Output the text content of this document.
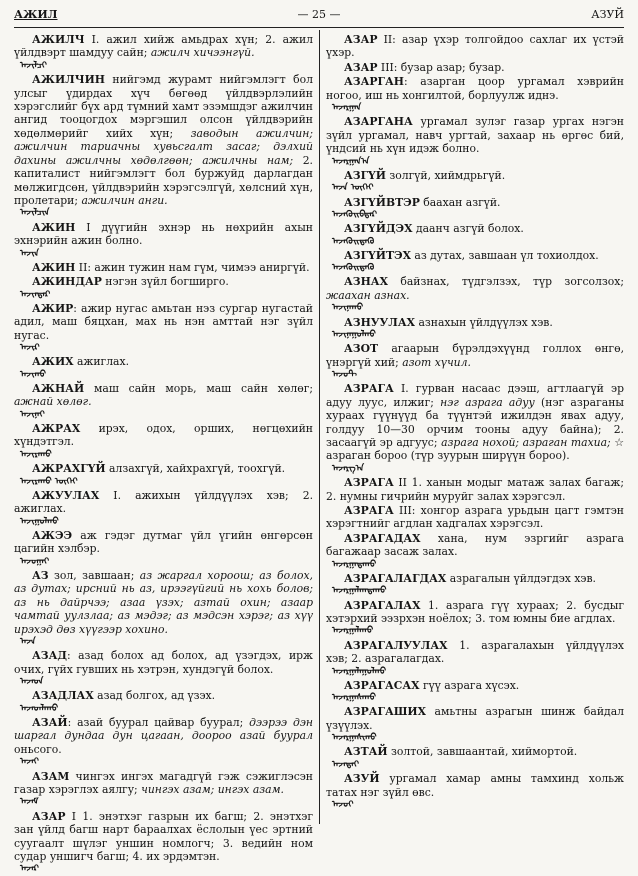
АЖИЛ	— 25 —	АЗУЙ

АЖИЛЧ I. ажил хийж амьдрах хүн; 2. ажил үйлдвэрт шамдуу сайн; ажилч хичээнгүй.

ᠠᠵᠢᠯᠴᠢ

АЖИЛЧИН нийгэмд журамт нийгэмлэгт бол улсыг үдирдах хүч бөгөөд үйлдвэрлэлийн хэрэгслийг бүх ард түмний хамт эзэмшдэг ажилчин ангид тооцогдох мэргэшил олсон үйлдвэрийн хөдөлмөрийг хийх хүн; заводын ажилчин; ажилчин тариачны хувьсгалт засаг; дэлхий дахины ажилчны хөдөлгөөн; ажилчны нам; 2. капиталист нийгэмлэгт бол буржуйд дарлагдан мөлжигдсөн, үйлдвэрийн хэрэгсэлгүй, хөлсний хүн, пролетари; ажилчин анги.

ᠠᠵᠢᠯᠴᠢᠨ

АЖИН I дүүгийн эхнэр нь нөхрийн ахын эхнэрийн ажин болно.

ᠠᠵᠢᠨ

АЖИН II: ажин тужин нам гүм, чимээ аниргүй.

АЖИНДАР нэгэн зүйл богширго.

ᠠᠵᠢᠨᠳᠠᠷ

АЖИР: ажир нугас амьтан нэз сургар нугастай адил, маш бяцхан, мах нь нэн амттай нэг зүйл нугас.

ᠠᠵᠢᠷ

АЖИХ ажиглах.

ᠠᠵᠢᠬᠤ

АЖНАЙ маш сайн морь, маш сайн хөлөг; ажнай хөлөг.

ᠠᠵᠢᠨᠠᠢ

АЖРАХ ирэх, одох, орших, нөгцөхийн хүндэтгэл.

ᠠᠵᠢᠷᠠᠬᠤ

АЖРАХГҮЙ алзахгүй, хайхрахгүй, тоохгүй.

ᠠᠵᠢᠷᠠᠬᠤ ᠦᠭᠡᠢ

АЖУУЛАХ I. ажихын үйлдүүлэх хэв; 2. ажиглах.

ᠠᠵᠢᠭᠤᠯᠬᠤ

АЖЭЭ аж гэдэг дутмаг үйл үгийн өнгөрсөн цагийн хэлбэр.

ᠠᠵᠤᠭᠠᠢ

АЗ зол, завшаан; аз жаргал хороош; аз болох, аз дутах; ирсний нь аз, ирээгүйгий нь хохь болов; аз нь дайрчээ; азаа үзэх; азтай охин; азаар чамтай уулзлаа; аз мэдэг; аз мэдсэн хэрэг; аз хүү ирэхэд дөз хүүгээр хохино.

ᠠᠵᠠ

АЗАД: азад болох ад болох, ад үзэгдэх, ирж очих, гүйх гувших нь хэтрэн, хундэгүй болох.

ᠠᠵᠠᠳ

АЗАДЛАХ азад болгох, ад үзэх.

ᠠᠵᠠᠳᠯᠠᠬᠤ

АЗАЙ: азай буурал цайвар буурал; дээрээ дэн шаргал дундаа дун цагаан, доороо азай буурал оньсого.

ᠠᠵᠠᠢ

АЗАМ чингэх ингэх магадгүй гэж сэжиглэсэн газар хэрэглэх аялгу; чингэх азам; ингэх азам.

ᠠᠵᠠᠮ

АЗАР I 1. энэтхэг газрын их багш; 2. энэтхэг зан үйлд багш нарт бараалхах ёслолын үес эртний суугаалт шүлэг уншин номлогч; 3. ведийн ном судар уншигч багш; 4. их эрдэмтэн.

ᠠᠵᠠᠷ

АЗАР II: азар үхэр толгойдоо сахлаг их үстэй үхэр.

АЗАР III: бузар азар; бузар.

АЗАРГАН: азарган цоор ургамал хэврийн ногоо, иш нь хонгилтой, борлуулж иднэ.

ᠠᠵᠠᠷᠭᠠᠨ

АЗАРГАНА ургамал зулэг газар ургах нэгэн зүйл ургамал, навч ургтай, захаар нь өргөс бий, үндсий нь хүн идэж болно.

ᠠᠵᠠᠷᠭᠠᠨ᠎ᠠ

АЗГҮЙ золгүй, хиймдрьгүй.

ᠠᠵᠠ ᠦᠭᠡᠢ

АЗГҮЙВТЭР баахан азгүй.

ᠠᠵᠠᠭᠦᠢᠪᠲᠡᠷ

АЗГҮЙДЭХ даанч азгүй болох.

ᠠᠵᠠᠭᠦᠢᠳᠡᠬᠦ

АЗГҮЙТЭХ аз дутах, завшаан үл тохиолдох.

ᠠᠵᠠᠭᠦᠢᠲᠡᠬᠦ

АЗНАХ байзнах, түдгэлзэх, түр зогсолзох; жаахан азнах.

ᠠᠵᠢᠨᠠᠬᠤ

АЗНУУЛАХ азнахын үйлдүүлэх хэв.

ᠠᠵᠢᠨᠠᠭᠤᠯᠬᠤ

АЗОТ агаарын бүрэлдэхүүнд голлох өнгө, үнэргүй хий; азот хүчил.

ᠠᠵᠣᠲ

АЗРАГА I. гурван насаас дээш, агтлаагүй эр адуу луус, илжиг; нэг азрага адуу (нэг азраганы хураах гүүнүүд ба түүнтэй ижилдэн явах адуу, голдуу 10—30 орчим тооны адуу байна); 2. засаагүй эр адгуус; азрага нохой; азраган тахиа; ☆ азраган бороо (түр зуурын ширүүн бороо).

ᠠᠵᠠᠷᠭ᠎ᠠ

АЗРАГА II 1. ханын модыг матаж залах багаж; 2. нумны гичрийн муруйг залах хэрэгсэл.

АЗРАГА III: хонгор азрага урьдын цагт гэмтэн хэрэгтнийг агдлан хадгалах хэрэгсэл.

АЗРАГАДАХ хана, нум эзргийг азрага багажаар засаж залах.

ᠠᠵᠠᠷᠭᠠᠳᠠᠬᠤ

АЗРАГАЛАГДАХ азрагалын үйлдэгдэх хэв.

ᠠᠵᠠᠷᠭᠠᠯᠠᠭᠳᠠᠬᠤ

АЗРАГАЛАХ 1. азрага гүү хураах; 2. бусдыг хэтэрхий ээзрхэн ноёлох; 3. том юмны бие агдлах.

ᠠᠵᠠᠷᠭᠠᠯᠠᠬᠤ

АЗРАГАЛУУЛАХ 1. азрагалахын үйлдүүлэх хэв; 2. азрагалагдах.

ᠠᠵᠠᠷᠭᠠᠯᠠᠭᠤᠯᠬᠤ

АЗРАГАСАХ гүү азрага хүсэх.

ᠠᠵᠠᠷᠭᠠᠰᠠᠬᠤ

АЗРАГАШИХ амьтны азрагын шинж байдал үзүүлэх.

ᠠᠵᠠᠷᠭᠠᠰᠢᠬᠤ

АЗТАЙ золтой, завшаантай, хиймортой.

ᠠᠵᠠᠲᠠᠢ

АЗУЙ ургамал хамар амны тамхинд хольж татах нэг зүйл өвс.

ᠠᠵᠤᠢ
